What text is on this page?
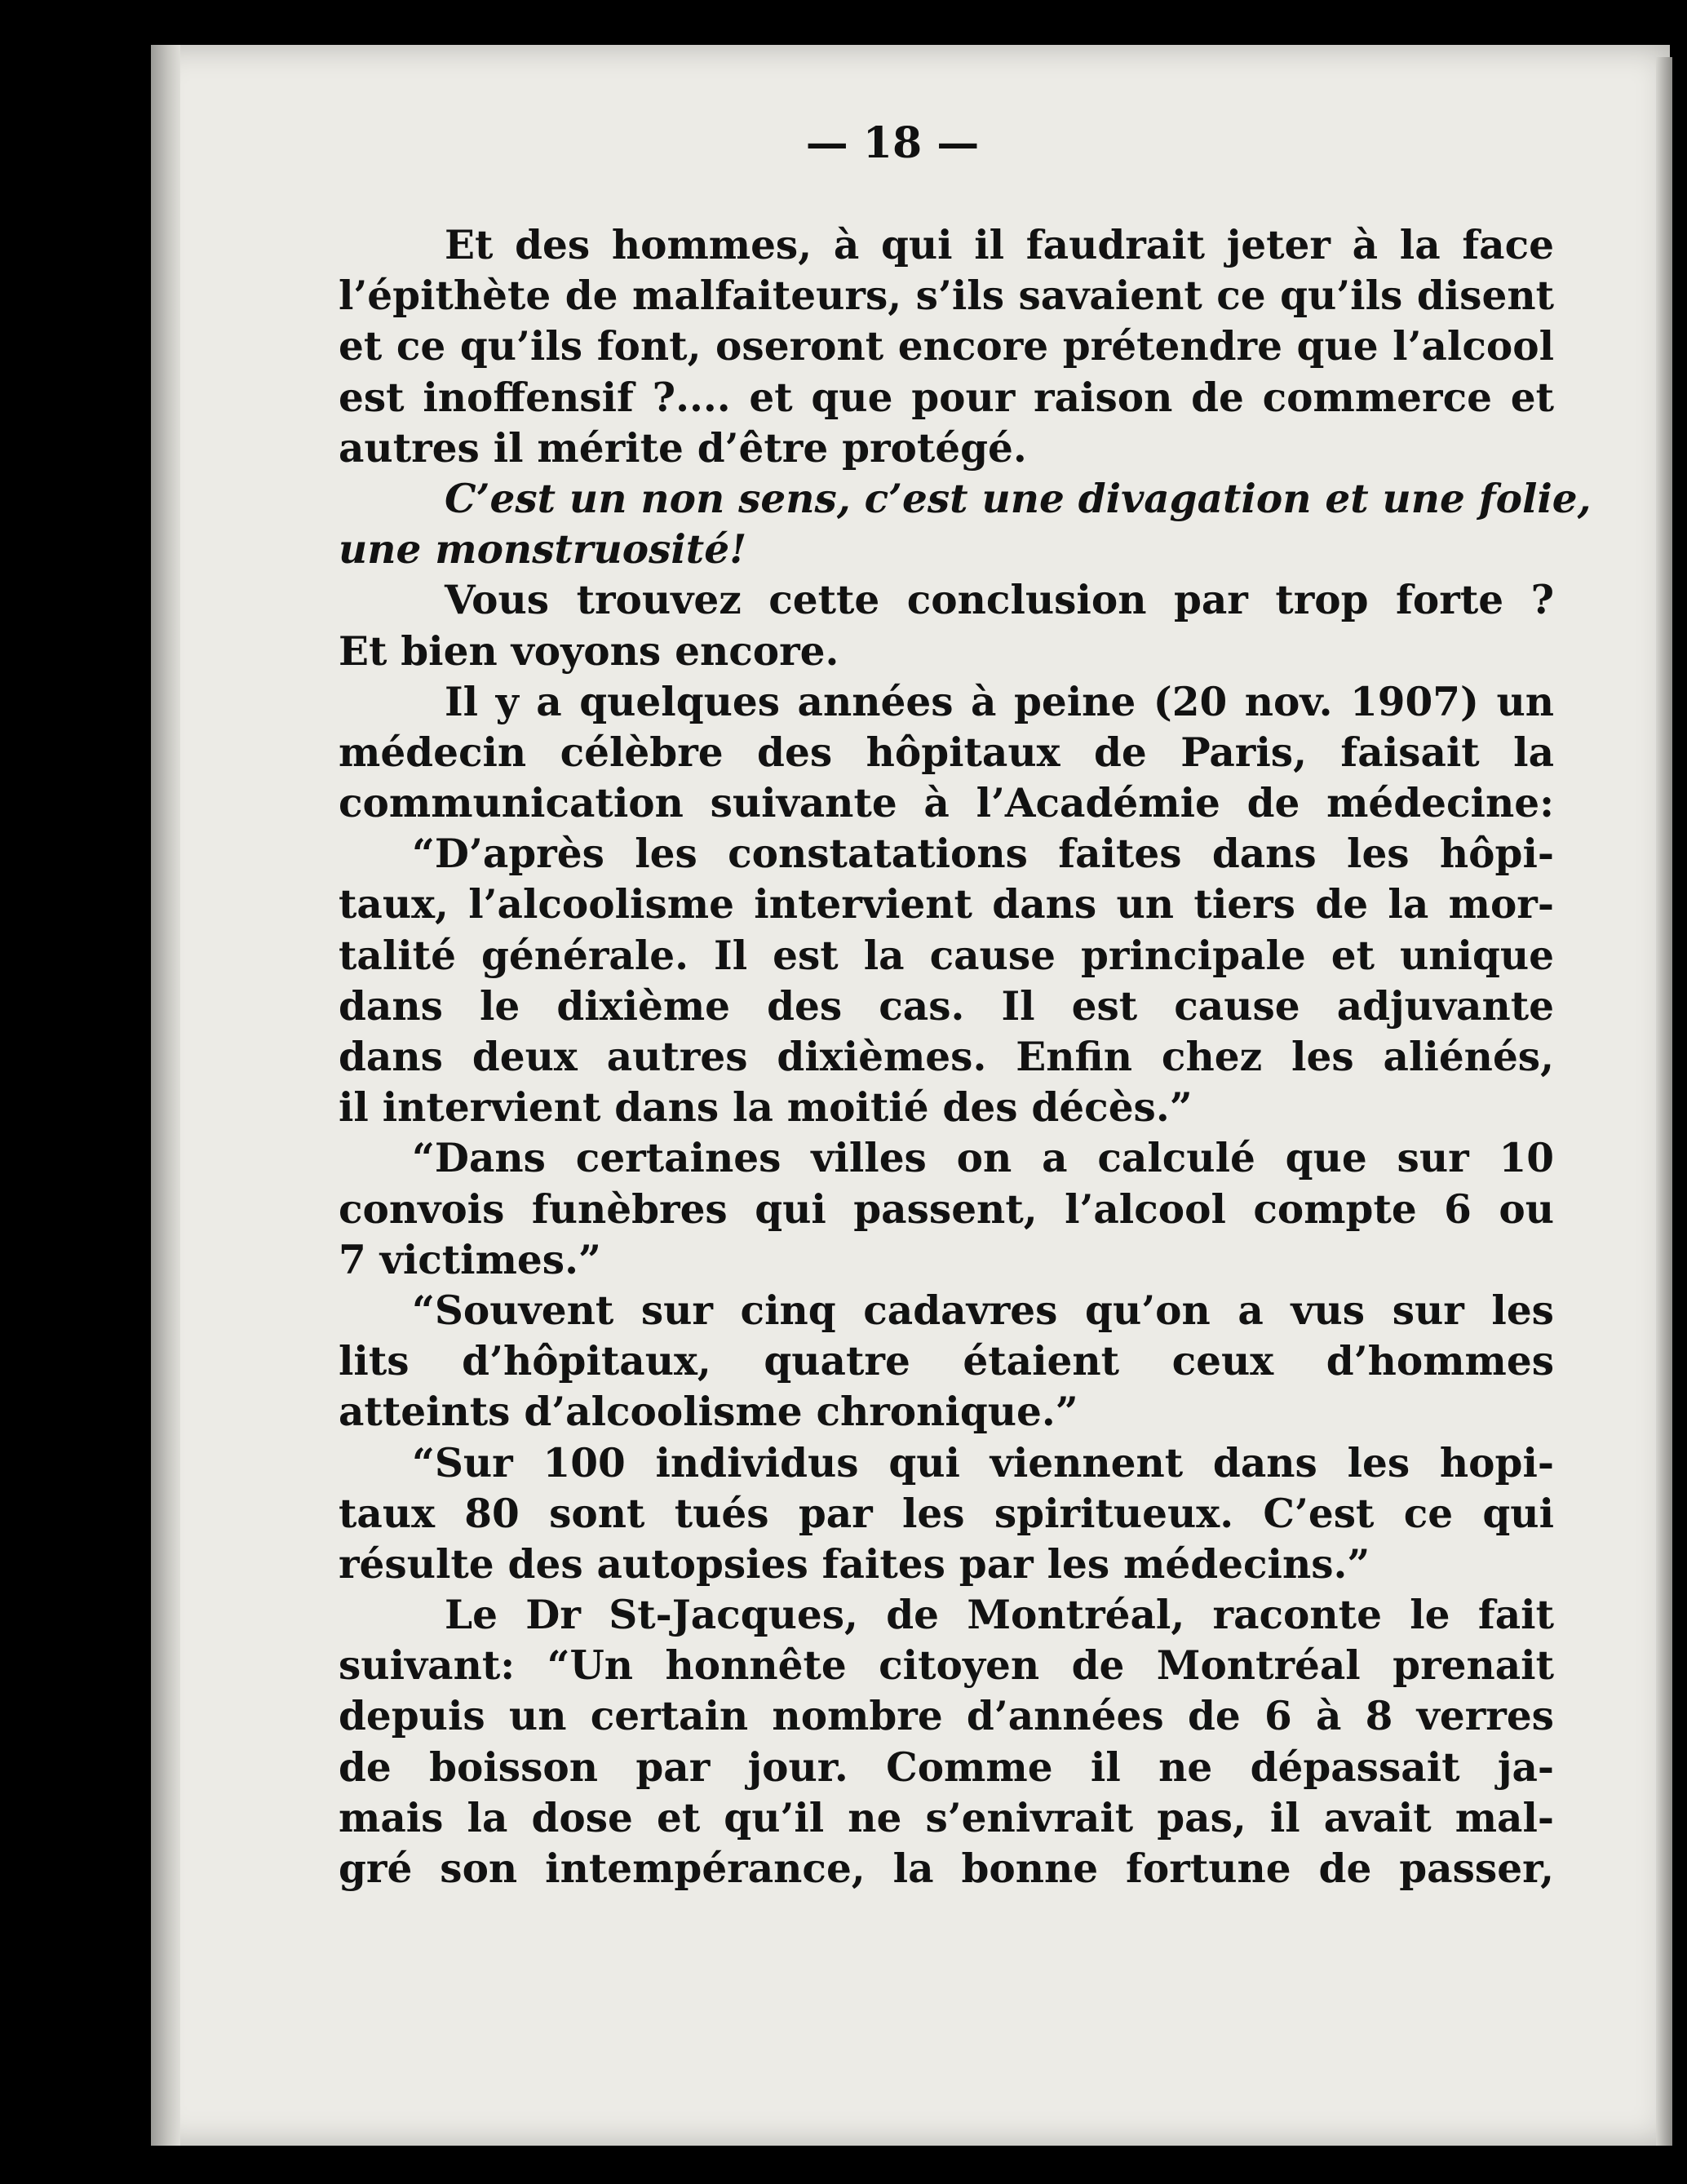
— 18 —
Et des hommes, à qui il faudrait jeter à la face
l’épithète de malfaiteurs, s’ils savaient ce qu’ils disent
et ce qu’ils font, oseront encore prétendre que l’alcool
est inoffensif ?.... et que pour raison de commerce et
autres il mérite d’être protégé.
C’est un non sens, c’est une divagation et une folie,
une monstruosité!
Vous trouvez cette conclusion par trop forte ?
Et bien voyons encore.
Il y a quelques années à peine (20 nov. 1907) un
médecin célèbre des hôpitaux de Paris, faisait la
communication suivante à l’Académie de médecine:
“D’après les constatations faites dans les hôpi-
taux, l’alcoolisme intervient dans un tiers de la mor-
talité générale. Il est la cause principale et unique
dans le dixième des cas. Il est cause adjuvante
dans deux autres dixièmes. Enfin chez les aliénés,
il intervient dans la moitié des décès.”
“Dans certaines villes on a calculé que sur 10
convois funèbres qui passent, l’alcool compte 6 ou
7 victimes.”
“Souvent sur cinq cadavres qu’on a vus sur les
lits d’hôpitaux, quatre étaient ceux d’hommes
atteints d’alcoolisme chronique.”
“Sur 100 individus qui viennent dans les hopi-
taux 80 sont tués par les spiritueux. C’est ce qui
résulte des autopsies faites par les médecins.”
Le Dr St-Jacques, de Montréal, raconte le fait
suivant: “Un honnête citoyen de Montréal prenait
depuis un certain nombre d’années de 6 à 8 verres
de boisson par jour. Comme il ne dépassait ja-
mais la dose et qu’il ne s’enivrait pas, il avait mal-
gré son intempérance, la bonne fortune de passer,
